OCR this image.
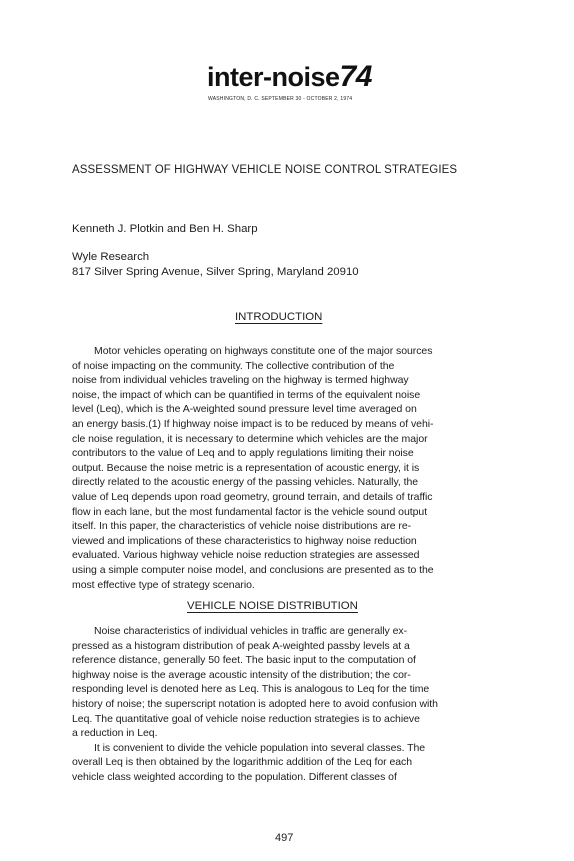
inter-noise74
WASHINGTON, D. C. SEPTEMBER 30 - OCTOBER 2, 1974
ASSESSMENT OF HIGHWAY VEHICLE NOISE CONTROL STRATEGIES
Kenneth J. Plotkin and Ben H. Sharp
Wyle Research
817 Silver Spring Avenue, Silver Spring, Maryland 20910
INTRODUCTION

Motor vehicles operating on highways constitute one of the major sources
of noise impacting on the community. The collective contribution of the
noise from individual vehicles traveling on the highway is termed highway
noise, the impact of which can be quantified in terms of the equivalent noise
level (Leq), which is the A-weighted sound pressure level time averaged on
an energy basis.(1) If highway noise impact is to be reduced by means of vehi-
cle noise regulation, it is necessary to determine which vehicles are the major
contributors to the value of Leq and to apply regulations limiting their noise
output. Because the noise metric is a representation of acoustic energy, it is
directly related to the acoustic energy of the passing vehicles. Naturally, the
value of Leq depends upon road geometry, ground terrain, and details of traffic
flow in each lane, but the most fundamental factor is the vehicle sound output
itself. In this paper, the characteristics of vehicle noise distributions are re-
viewed and implications of these characteristics to highway noise reduction
evaluated. Various highway vehicle noise reduction strategies are assessed
using a simple computer noise model, and conclusions are presented as to the
most effective type of strategy scenario.

VEHICLE NOISE DISTRIBUTION

Noise characteristics of individual vehicles in traffic are generally ex-
pressed as a histogram distribution of peak A-weighted passby levels at a
reference distance, generally 50 feet. The basic input to the computation of
highway noise is the average acoustic intensity of the distribution; the cor-
responding level is denoted here as Leq. This is analogous to Leq for the time
history of noise; the superscript notation is adopted here to avoid confusion with
Leq. The quantitative goal of vehicle noise reduction strategies is to achieve
a reduction in Leq.
It is convenient to divide the vehicle population into several classes. The
overall Leq is then obtained by the logarithmic addition of the Leq for each
vehicle class weighted according to the population. Different classes of

497
